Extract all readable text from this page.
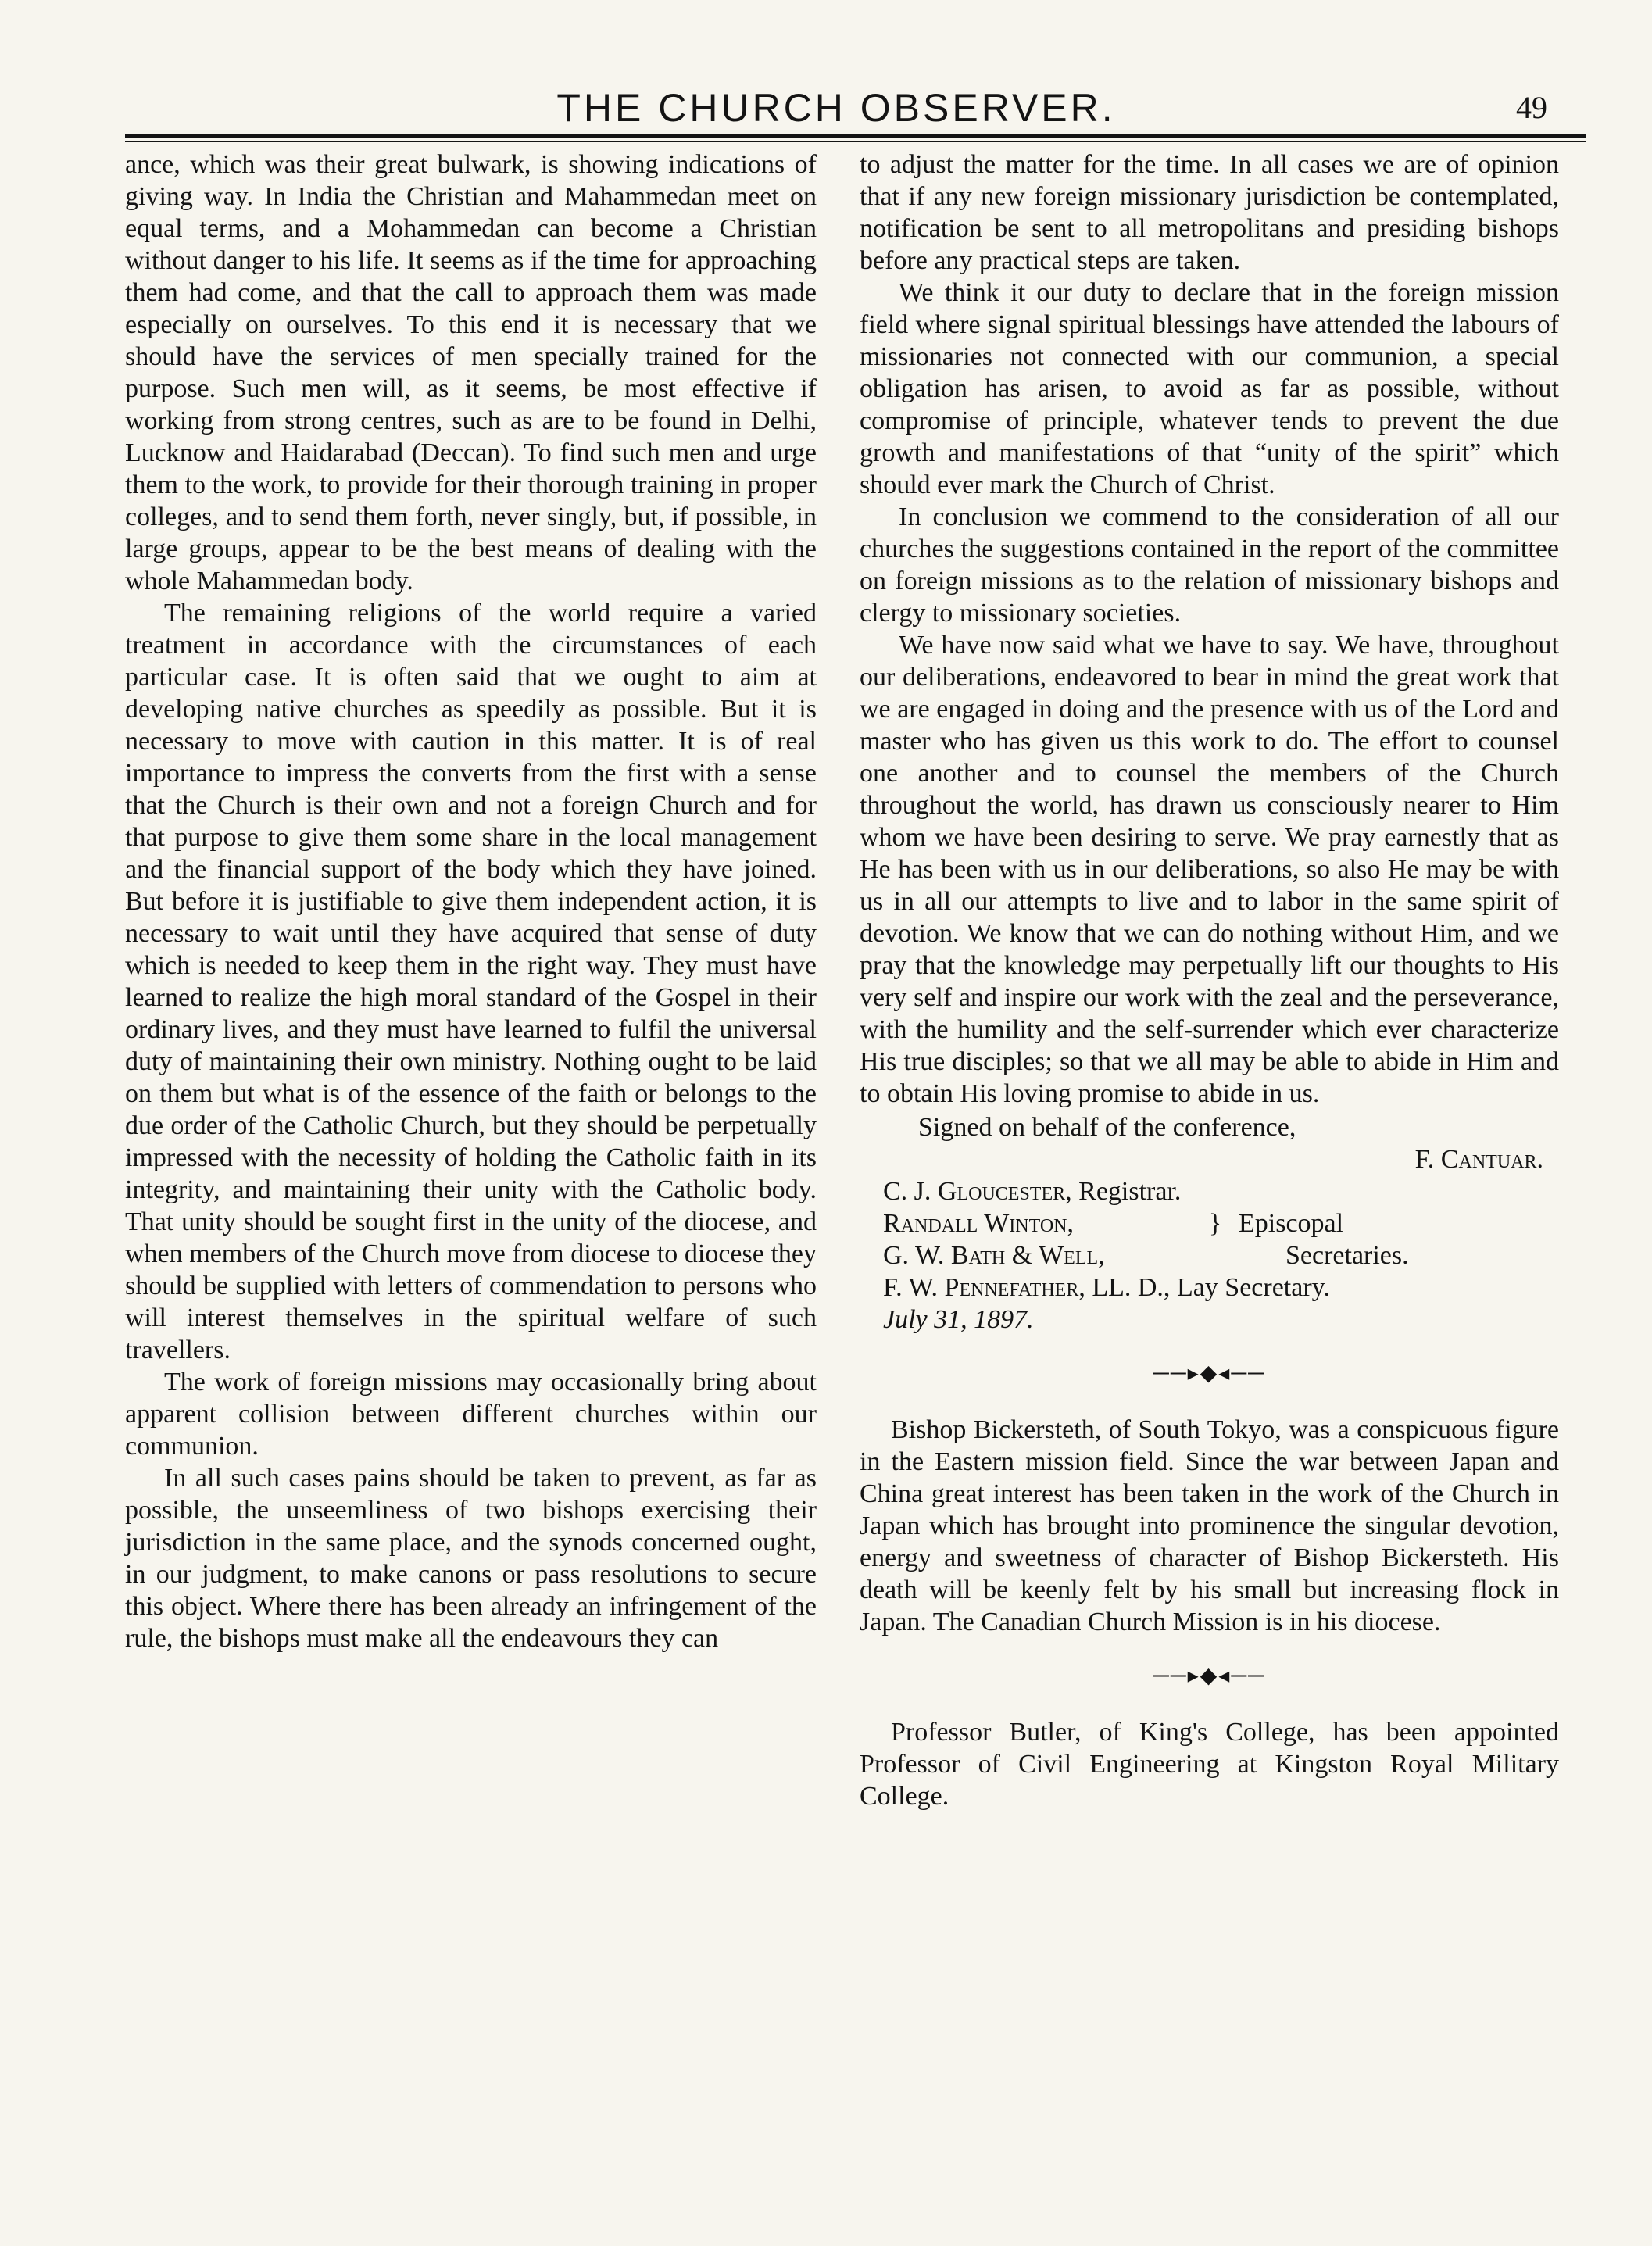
THE CHURCH OBSERVER.	49

ance, which was their great bulwark, is showing indications of giving way. In India the Christian and Mahammedan meet on equal terms, and a Mohammedan can become a Christian without danger to his life. It seems as if the time for approaching them had come, and that the call to approach them was made especially on ourselves. To this end it is necessary that we should have the services of men specially trained for the purpose. Such men will, as it seems, be most effective if working from strong centres, such as are to be found in Delhi, Lucknow and Haidarabad (Deccan). To find such men and urge them to the work, to provide for their thorough training in proper colleges, and to send them forth, never singly, but, if possible, in large groups, appear to be the best means of dealing with the whole Mahammedan body.

The remaining religions of the world require a varied treatment in accordance with the circumstances of each particular case. It is often said that we ought to aim at developing native churches as speedily as possible. But it is necessary to move with caution in this matter. It is of real importance to impress the converts from the first with a sense that the Church is their own and not a foreign Church and for that purpose to give them some share in the local management and the financial support of the body which they have joined. But before it is justifiable to give them independent action, it is necessary to wait until they have acquired that sense of duty which is needed to keep them in the right way. They must have learned to realize the high moral standard of the Gospel in their ordinary lives, and they must have learned to fulfil the universal duty of maintaining their own ministry. Nothing ought to be laid on them but what is of the essence of the faith or belongs to the due order of the Catholic Church, but they should be perpetually impressed with the necessity of holding the Catholic faith in its integrity, and maintaining their unity with the Catholic body. That unity should be sought first in the unity of the diocese, and when members of the Church move from diocese to diocese they should be supplied with letters of commendation to persons who will interest themselves in the spiritual welfare of such travellers.

The work of foreign missions may occasionally bring about apparent collision between different churches within our communion.

In all such cases pains should be taken to prevent, as far as possible, the unseemliness of two bishops exercising their jurisdiction in the same place, and the synods concerned ought, in our judgment, to make canons or pass resolutions to secure this object. Where there has been already an infringement of the rule, the bishops must make all the endeavours they can

to adjust the matter for the time. In all cases we are of opinion that if any new foreign missionary jurisdiction be contemplated, notification be sent to all metropolitans and presiding bishops before any practical steps are taken.

We think it our duty to declare that in the foreign mission field where signal spiritual blessings have attended the labours of missionaries not connected with our communion, a special obligation has arisen, to avoid as far as possible, without compromise of principle, whatever tends to prevent the due growth and manifestations of that “unity of the spirit” which should ever mark the Church of Christ.

In conclusion we commend to the consideration of all our churches the suggestions contained in the report of the committee on foreign missions as to the relation of missionary bishops and clergy to missionary societies.

We have now said what we have to say. We have, throughout our deliberations, endeavored to bear in mind the great work that we are engaged in doing and the presence with us of the Lord and master who has given us this work to do. The effort to counsel one another and to counsel the members of the Church throughout the world, has drawn us consciously nearer to Him whom we have been desiring to serve. We pray earnestly that as He has been with us in our deliberations, so also He may be with us in all our attempts to live and to labor in the same spirit of devotion. We know that we can do nothing without Him, and we pray that the knowledge may perpetually lift our thoughts to His very self and inspire our work with the zeal and the perseverance, with the humility and the self-surrender which ever characterize His true disciples; so that we all may be able to abide in Him and to obtain His loving promise to abide in us.

Signed on behalf of the conference,
F. Cantuar.
C. J. Gloucester, Registrar.
Randall Winton,	} Episcopal
G. W. Bath & Well,	Secretaries.
F. W. Pennefather, LL. D., Lay Secretary.
July 31, 1897.
──▸◆◂──

Bishop Bickersteth, of South Tokyo, was a conspicuous figure in the Eastern mission field. Since the war between Japan and China great interest has been taken in the work of the Church in Japan which has brought into prominence the singular devotion, energy and sweetness of character of Bishop Bickersteth. His death will be keenly felt by his small but increasing flock in Japan. The Canadian Church Mission is in his diocese.

──▸◆◂──

Professor Butler, of King's College, has been appointed Professor of Civil Engineering at Kingston Royal Military College.
